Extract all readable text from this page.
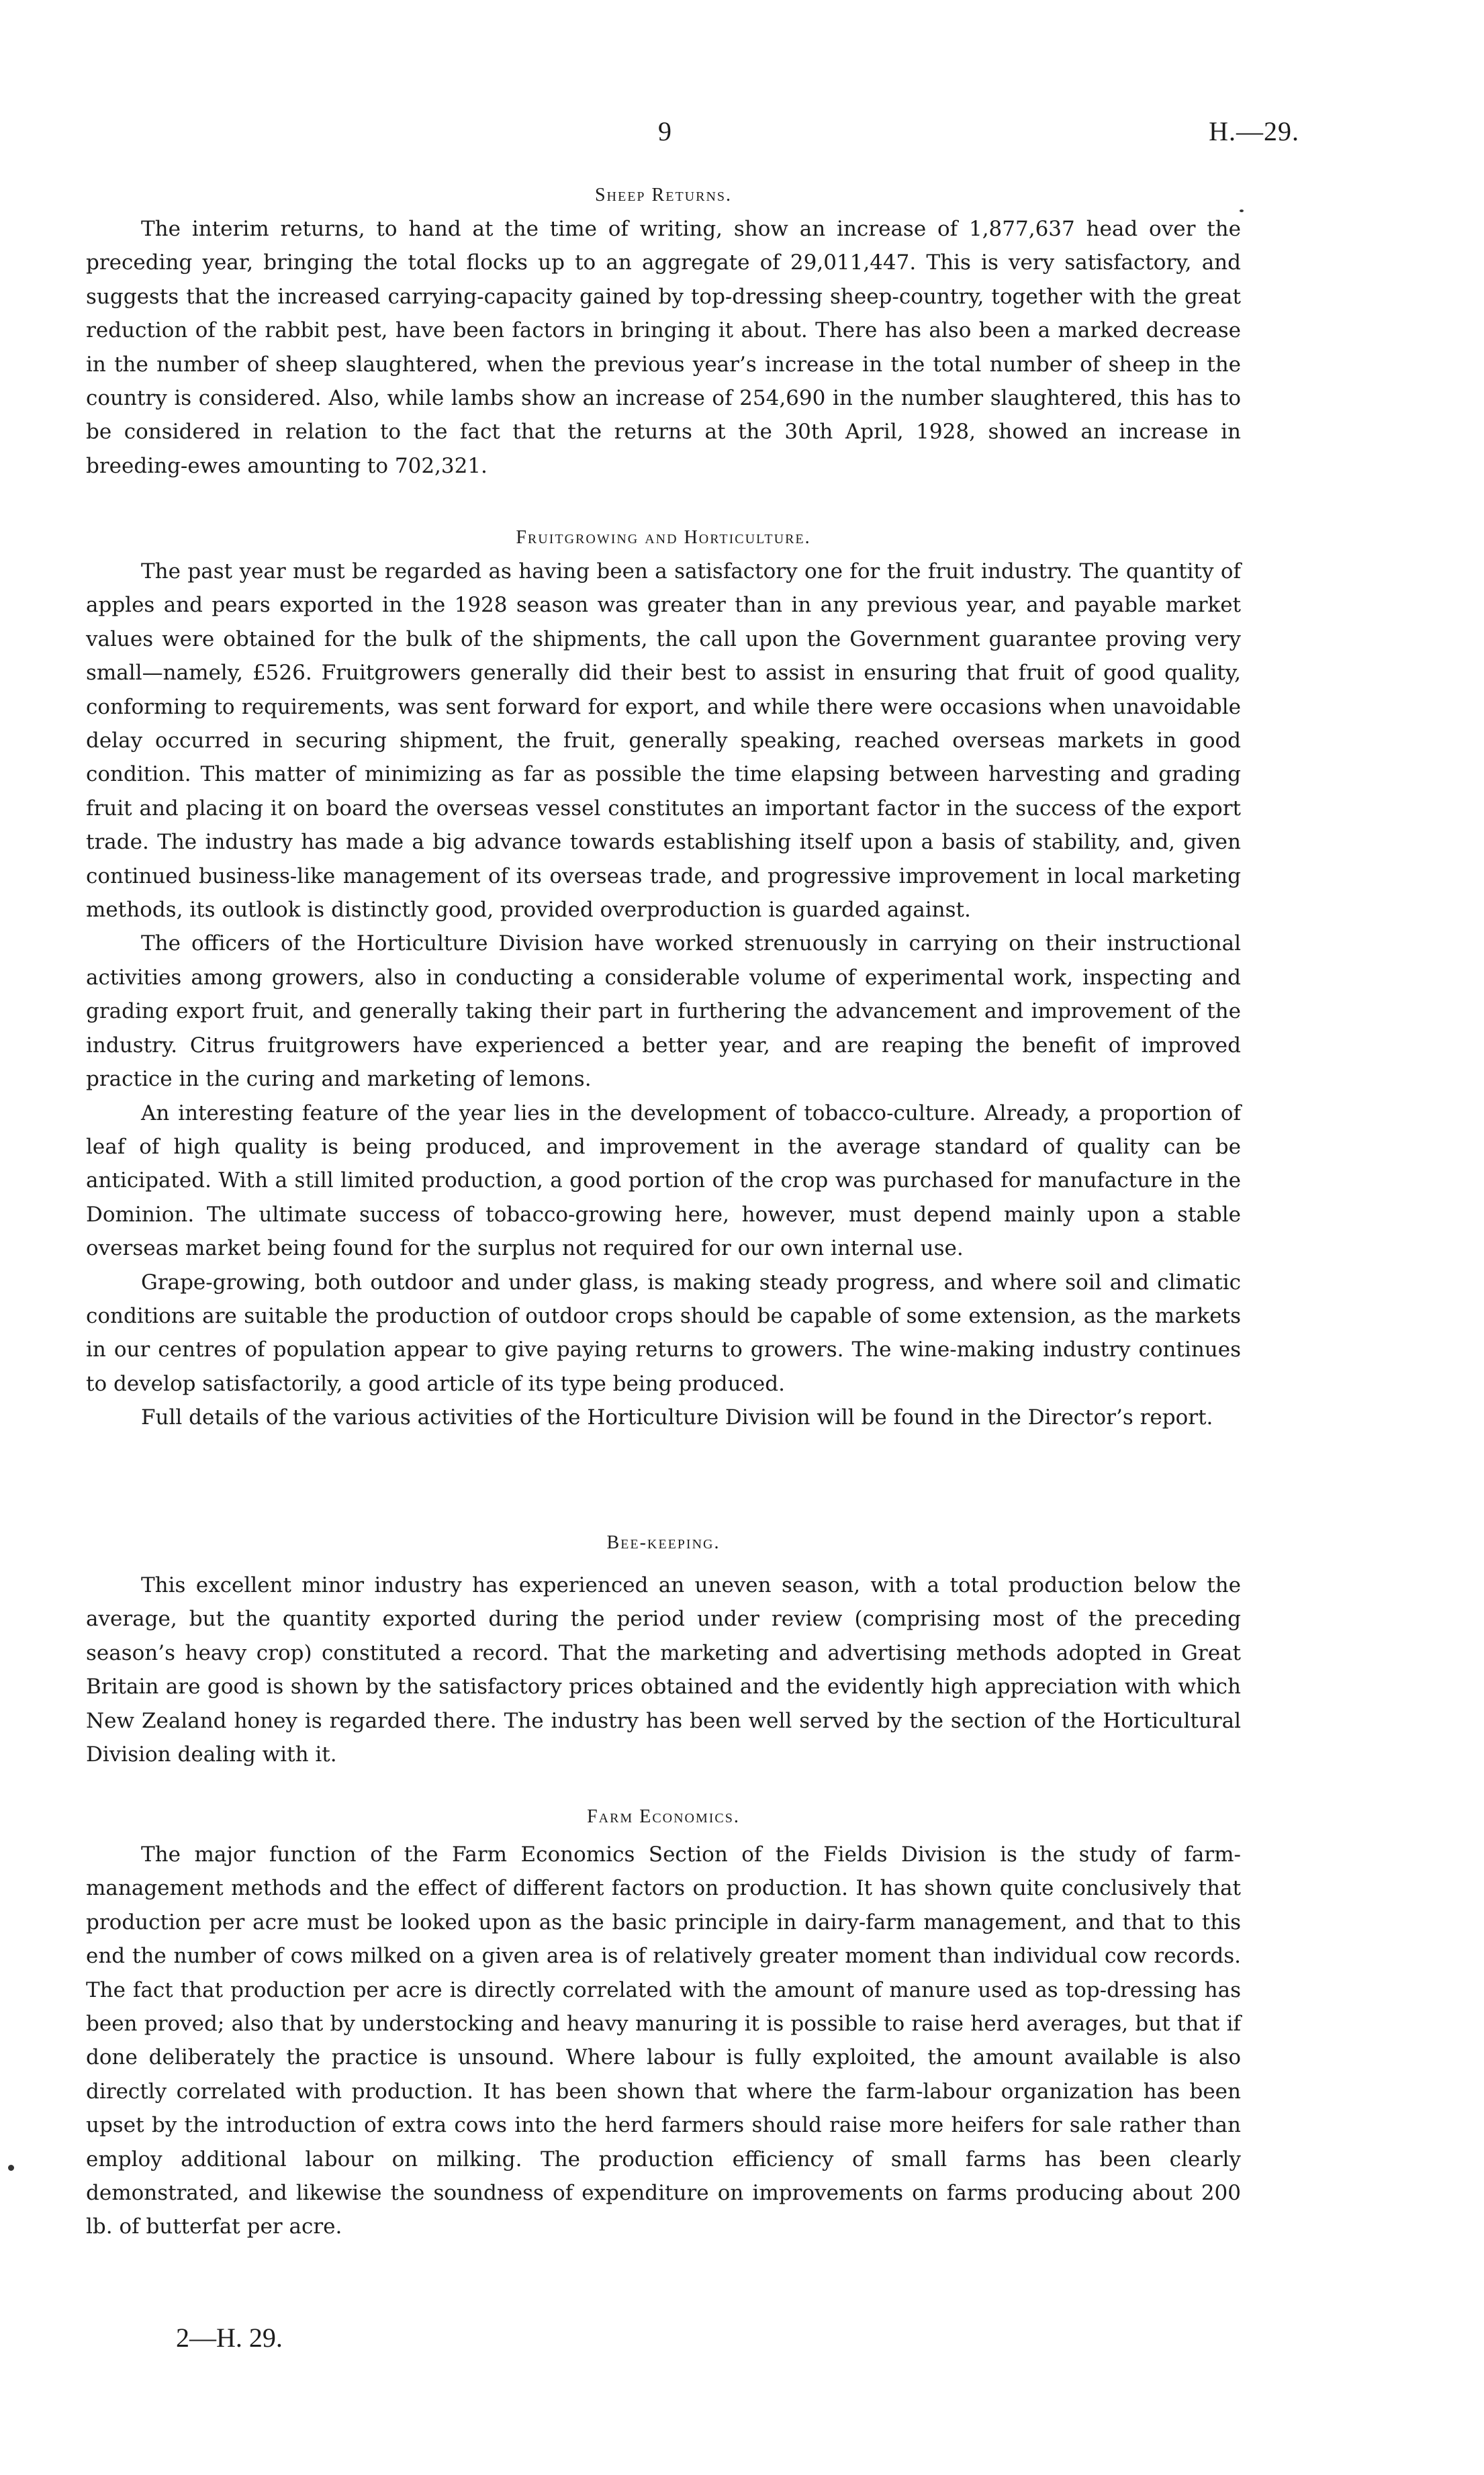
9	H.—29.
Sheep Returns.

The interim returns, to hand at the time of writing, show an increase of 1,877,637 head over the preceding year, bringing the total flocks up to an aggregate of 29,011,447. This is very satisfactory, and suggests that the increased carrying-capacity gained by top-dressing sheep-country, together with the great reduction of the rabbit pest, have been factors in bringing it about. There has also been a marked decrease in the number of sheep slaughtered, when the previous year’s increase in the total number of sheep in the country is considered. Also, while lambs show an increase of 254,690 in the number slaughtered, this has to be considered in relation to the fact that the returns at the 30th April, 1928, showed an increase in breeding-ewes amounting to 702,321.

Fruitgrowing and Horticulture.

The past year must be regarded as having been a satisfactory one for the fruit industry. The quantity of apples and pears exported in the 1928 season was greater than in any previous year, and payable market values were obtained for the bulk of the shipments, the call upon the Government guarantee proving very small—namely, £526. Fruitgrowers generally did their best to assist in ensuring that fruit of good quality, conforming to requirements, was sent forward for export, and while there were occasions when unavoidable delay occurred in securing shipment, the fruit, generally speaking, reached overseas markets in good condition. This matter of minimizing as far as possible the time elapsing between harvesting and grading fruit and placing it on board the overseas vessel constitutes an important factor in the success of the export trade. The industry has made a big advance towards establishing itself upon a basis of stability, and, given continued business-like management of its overseas trade, and progressive improvement in local marketing methods, its outlook is distinctly good, provided overproduction is guarded against.

The officers of the Horticulture Division have worked strenuously in carrying on their instructional activities among growers, also in conducting a considerable volume of experimental work, inspecting and grading export fruit, and generally taking their part in furthering the advancement and improvement of the industry. Citrus fruitgrowers have experienced a better year, and are reaping the benefit of improved practice in the curing and marketing of lemons.

An interesting feature of the year lies in the development of tobacco-culture. Already, a proportion of leaf of high quality is being produced, and improvement in the average standard of quality can be anticipated. With a still limited production, a good portion of the crop was purchased for manufacture in the Dominion. The ultimate success of tobacco-growing here, however, must depend mainly upon a stable overseas market being found for the surplus not required for our own internal use.

Grape-growing, both outdoor and under glass, is making steady progress, and where soil and climatic conditions are suitable the production of outdoor crops should be capable of some extension, as the markets in our centres of population appear to give paying returns to growers. The wine-making industry continues to develop satisfactorily, a good article of its type being produced.

Full details of the various activities of the Horticulture Division will be found in the Director’s report.

Bee-keeping.

This excellent minor industry has experienced an uneven season, with a total production below the average, but the quantity exported during the period under review (comprising most of the preceding season’s heavy crop) constituted a record. That the marketing and advertising methods adopted in Great Britain are good is shown by the satisfactory prices obtained and the evidently high appreciation with which New Zealand honey is regarded there. The industry has been well served by the section of the Horticultural Division dealing with it.

Farm Economics.

The major function of the Farm Economics Section of the Fields Division is the study of farm-management methods and the effect of different factors on production. It has shown quite conclusively that production per acre must be looked upon as the basic principle in dairy-farm management, and that to this end the number of cows milked on a given area is of relatively greater moment than individual cow records. The fact that production per acre is directly correlated with the amount of manure used as top-dressing has been proved; also that by understocking and heavy manuring it is possible to raise herd averages, but that if done deliberately the practice is unsound. Where labour is fully exploited, the amount available is also directly correlated with production. It has been shown that where the farm-labour organization has been upset by the introduction of extra cows into the herd farmers should raise more heifers for sale rather than employ additional labour on milking. The production efficiency of small farms has been clearly demonstrated, and likewise the soundness of expenditure on improvements on farms producing about 200 lb. of butterfat per acre.

2—H. 29.
